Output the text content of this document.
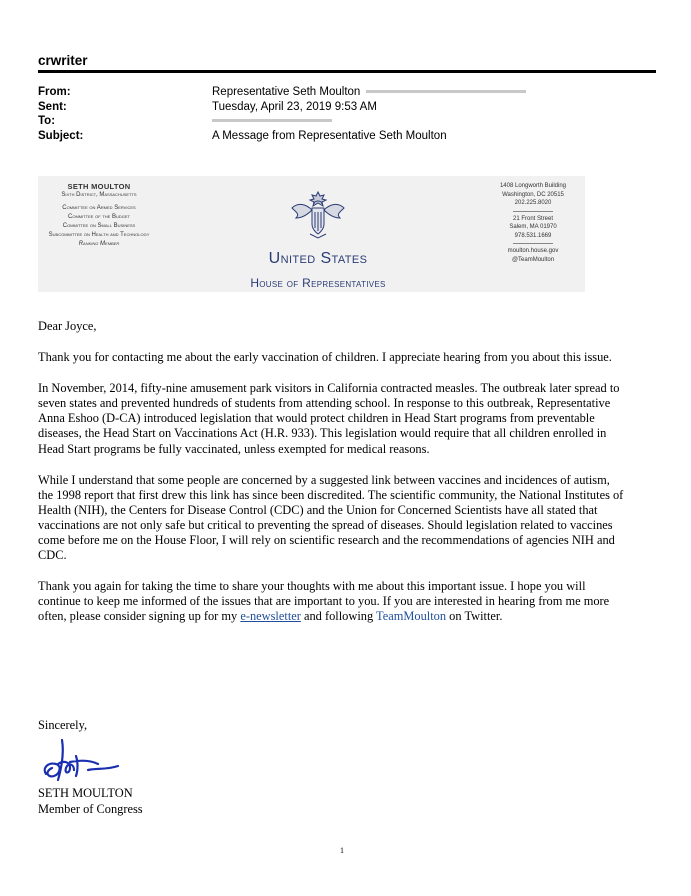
crwriter
From:	Representative Seth Moulton
Sent:	Tuesday, April 23, 2019 9:53 AM
To:
Subject:	A Message from Representative Seth Moulton
SETH MOULTON
Sixth District, Massachusetts
Committee on Armed Services
Committee of the Budget
Committee on Small Business
Subcommittee on Health and Technology
Ranking Member
United States
House of Representatives
1408 Longworth Building
Washington, DC 20515
202.225.8020
21 Front Street
Salem, MA 01970
978.531.1669
moulton.house.gov
@TeamMoulton

Dear Joyce,

Thank you for contacting me about the early vaccination of children. I appreciate hearing from you about this issue.

In November, 2014, fifty-nine amusement park visitors in California contracted measles. The outbreak later spread to seven states and prevented hundreds of students from attending school. In response to this outbreak, Representative Anna Eshoo (D-CA) introduced legislation that would protect children in Head Start programs from preventable diseases, the Head Start on Vaccinations Act (H.R. 933). This legislation would require that all children enrolled in Head Start programs be fully vaccinated, unless exempted for medical reasons.

While I understand that some people are concerned by a suggested link between vaccines and incidences of autism, the 1998 report that first drew this link has since been discredited. The scientific community, the National Institutes of Health (NIH), the Centers for Disease Control (CDC) and the Union for Concerned Scientists have all stated that vaccinations are not only safe but critical to preventing the spread of diseases. Should legislation related to vaccines come before me on the House Floor, I will rely on scientific research and the recommendations of agencies NIH and CDC.

Thank you again for taking the time to share your thoughts with me about this important issue. I hope you will continue to keep me informed of the issues that are important to you. If you are interested in hearing from me more often, please consider signing up for my e-newsletter and following TeamMoulton on Twitter.

Sincerely,
SETH MOULTON
Member of Congress
1
